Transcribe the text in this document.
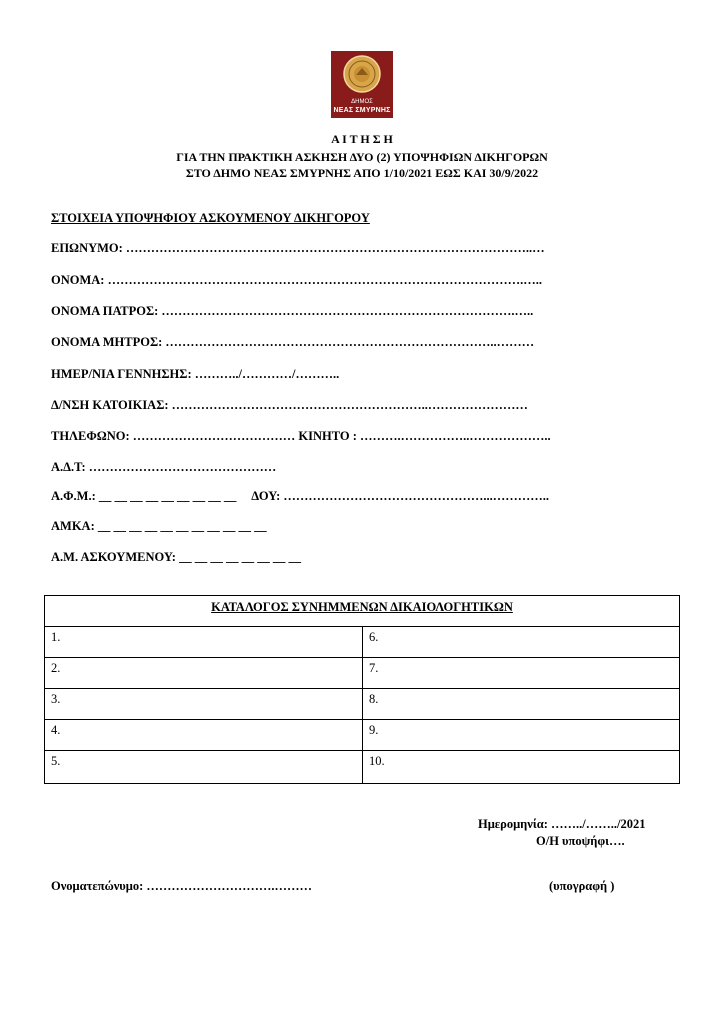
ΔΗΜΟΣ
ΝΕΑΣ ΣΜΥΡΝΗΣ
Α Ι Τ Η Σ Η
ΓΙΑ ΤΗΝ ΠΡΑΚΤΙΚΗ ΑΣΚΗΣΗ ΔΥΟ (2) ΥΠΟΨΗΦΙΩΝ ΔΙΚΗΓΟΡΩΝ
ΣΤΟ ΔΗΜΟ ΝΕΑΣ ΣΜΥΡΝΗΣ ΑΠΟ 1/10/2021 ΕΩΣ ΚΑΙ 30/9/2022
ΣΤΟΙΧΕΙΑ ΥΠΟΨΗΦΙΟΥ ΑΣΚΟΥΜΕΝΟΥ ΔΙΚΗΓΟΡΟΥ
ΕΠΩΝΥΜΟ: ……………………………………………………………………………………..…
ΟΝΟΜΑ: ……………………………………………………………………………………….…..
ΟΝΟΜΑ ΠΑΤΡΟΣ: ………………………………………………………………………….…..
ΟΝΟΜΑ ΜΗΤΡΟΣ: ……………………………………………………………………..………
ΗΜΕΡ/ΝΙΑ ΓΕΝΝΗΣΗΣ: ………../…………/………..
Δ/ΝΣΗ ΚΑΤΟΙΚΙΑΣ: ……………………………………………………..……………………
ΤΗΛΕΦΩΝΟ: ………………………………… ΚΙΝΗΤΟ : ……….……………..………………..
Α.Δ.Τ: ………………………………………
Α.Φ.Μ.: __ __ __ __ __ __ __ __ __     ΔΟΥ: …………………………………………...…………..
ΑΜΚΑ: __ __ __ __ __ __ __ __ __ __ __
Α.Μ. ΑΣΚΟΥΜΕΝΟΥ: __ __ __ __ __ __ __ __
ΚΑΤΑΛΟΓΟΣ ΣΥΝΗΜΜΕΝΩΝ ΔΙΚΑΙΟΛΟΓΗΤΙΚΩΝ
1.	6.
2.	7.
3.	8.
4.	9.
5.	10.
Ημερομηνία: ……../……../2021
Ο/Η υποψήφι….
Ονοματεπώνυμο: ………………………….………	(υπογραφή )
